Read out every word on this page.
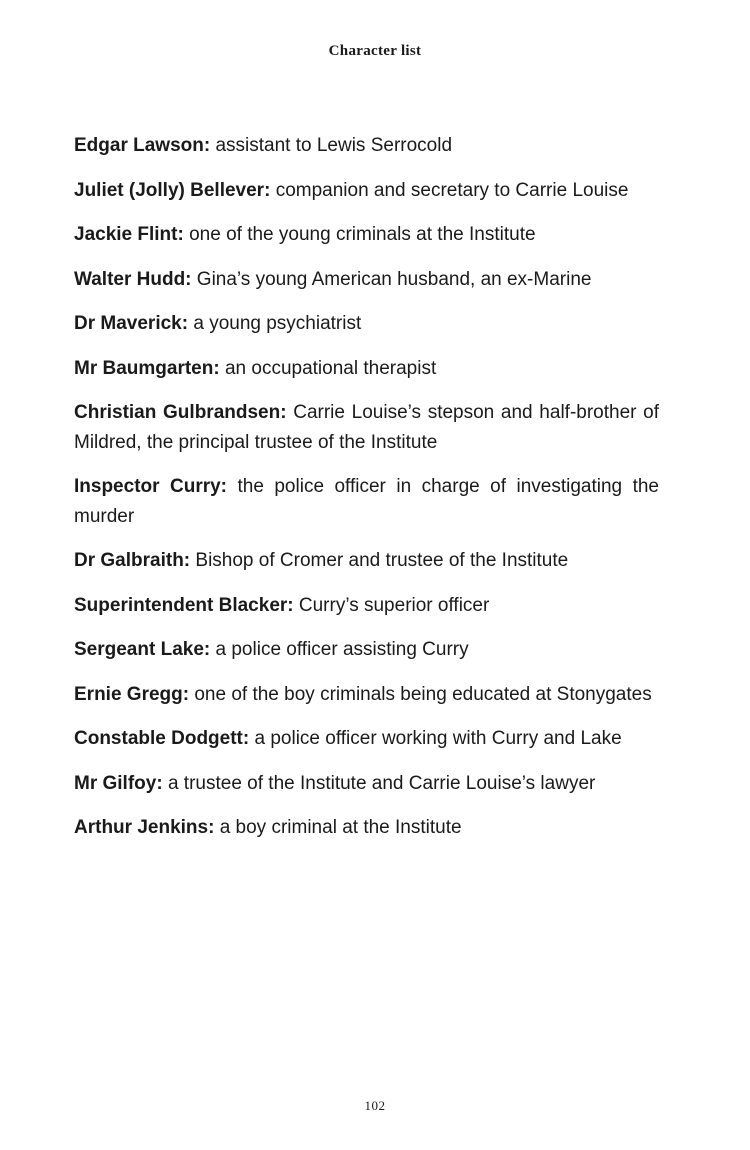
Character list
Edgar Lawson: assistant to Lewis Serrocold
Juliet (Jolly) Bellever: companion and secretary to Carrie Louise
Jackie Flint: one of the young criminals at the Institute
Walter Hudd: Gina’s young American husband, an ex-Marine
Dr Maverick: a young psychiatrist
Mr Baumgarten: an occupational therapist
Christian Gulbrandsen: Carrie Louise’s stepson and half-brother of Mildred, the principal trustee of the Institute
Inspector Curry: the police officer in charge of investigating the murder
Dr Galbraith: Bishop of Cromer and trustee of the Institute
Superintendent Blacker: Curry’s superior officer
Sergeant Lake: a police officer assisting Curry
Ernie Gregg: one of the boy criminals being educated at Stonygates
Constable Dodgett: a police officer working with Curry and Lake
Mr Gilfoy: a trustee of the Institute and Carrie Louise’s lawyer
Arthur Jenkins: a boy criminal at the Institute
102
